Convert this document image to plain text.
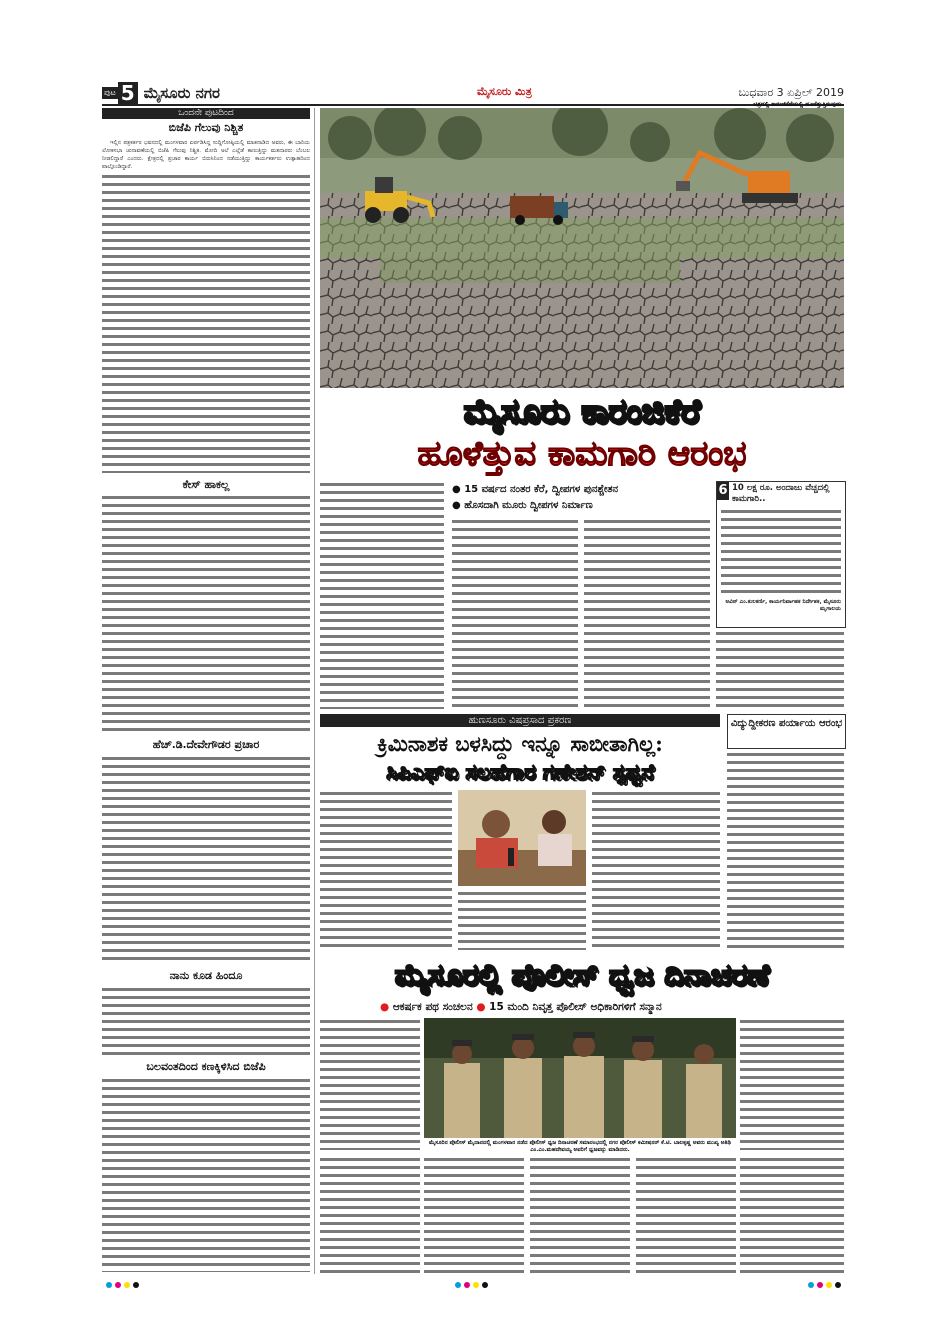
ಪುಟ 5 ಮೈಸೂರು ನಗರ	ಮೈಸೂರು ಮಿತ್ರ	ಬುಧವಾರ 3 ಏಪ್ರಿಲ್ 2019
ಒಂದನೇ ಪುಟದಿಂದ
ಬಿಜೆಪಿ ಗೆಲುವು ನಿಶ್ಚಿತ

ಇಲ್ಲಿನ ಪತ್ರಕರ್ತರ ಭವನದಲ್ಲಿ ಮಂಗಳವಾರ ಏರ್ಪಡಿಸಿದ್ದ ಸುದ್ದಿಗೋಷ್ಠಿಯಲ್ಲಿ ಮಾತನಾಡಿದ ಅವರು, ಈ ಬಾರಿಯ ಲೋಕಸಭಾ ಚುನಾವಣೆಯಲ್ಲಿ ಬಿಜೆಪಿ ಗೆಲುವು ನಿಶ್ಚಿತ. ಮೋದಿ ಅಲೆ ಎಲ್ಲೆಡೆ ಕಾಣುತ್ತಿದ್ದು ಮತದಾರರು ಬೆಂಬಲ ನೀಡಲಿದ್ದಾರೆ ಎಂದರು. ಕ್ಷೇತ್ರದಲ್ಲಿ ಪ್ರಚಾರ ಕಾರ್ಯ ಬಿರುಸಿನಿಂದ ನಡೆಯುತ್ತಿದ್ದು ಕಾರ್ಯಕರ್ತರು ಉತ್ಸಾಹದಿಂದ ಪಾಲ್ಗೊಂಡಿದ್ದಾರೆ.

ಕೇಸ್ ಹಾಕಲ್ಲ
ಹೆಚ್.ಡಿ.ದೇವೇಗೌಡರ ಪ್ರಚಾರ
ನಾನು ಕೂಡ ಹಿಂದೂ
ಬಲವಂತದಿಂದ ಕಣಕ್ಕಿಳಿಸಿದ ಬಿಜೆಪಿ
ಚಿತ್ರದಲ್ಲಿ ಕಾರಂಜಿಕೆರೆಯಲ್ಲಿ ಹೂಳೆತ್ತುತ್ತಿರುವುದು.
ಮೈಸೂರು ಕಾರಂಜಿಕೆರೆ
ಹೂಳೆತ್ತುವ ಕಾಮಗಾರಿ ಆರಂಭ
● 15 ವರ್ಷದ ನಂತರ ಕೆರೆ, ದ್ವೀಪಗಳ ಪುನಶ್ಚೇತನ
● ಹೊಸದಾಗಿ ಮೂರು ದ್ವೀಪಗಳ ನಿರ್ಮಾಣ
6 10 ಲಕ್ಷ ರೂ. ಅಂದಾಜು ವೆಚ್ಚದಲ್ಲಿ ಕಾಮಗಾರಿ..
ಅವಿನ್ ಎಂ.ಕುಲಕರ್ಣಿ, ಕಾರ್ಯನಿರ್ವಾಹಕ ನಿರ್ದೇಶಕ, ಮೈಸೂರು ಮೃಗಾಲಯ
ಹುಣಸೂರು ವಿಷಪ್ರಸಾದ ಪ್ರಕರಣ
ಕ್ರಿಮಿನಾಶಕ ಬಳಸಿದ್ದು ಇನ್ನೂ ಸಾಬೀತಾಗಿಲ್ಲ:
ಸಿಪಿಎಫ್‌ಐ ಸಲಹೆಗಾರ ಗಣೇಶನ್ ಸ್ಪಷ್ಟನೆ
ವಿದ್ಯುದ್ದೀಕರಣ ಪರ್ಯಾಯ ಆರಂಭ
ಮೈಸೂರಲ್ಲಿ ಪೊಲೀಸ್ ಧ್ವಜ ದಿನಾಚರಣೆ
● ಆಕರ್ಷಕ ಪಥ ಸಂಚಲನ ● 15 ಮಂದಿ ನಿವೃತ್ತ ಪೊಲೀಸ್ ಅಧಿಕಾರಿಗಳಿಗೆ ಸನ್ಮಾನ
ಮೈಸೂರಿನ ಪೊಲೀಸ್ ಮೈದಾನದಲ್ಲಿ ಮಂಗಳವಾರ ನಡೆದ ಪೊಲೀಸ್ ಧ್ವಜ ದಿನಾಚರಣೆ ಸಮಾರಂಭದಲ್ಲಿ ನಗರ ಪೊಲೀಸ್ ಕಮೀಷನರ್ ಕೆ.ಟಿ. ಬಾಲಕೃಷ್ಣ ಅವರು ಮುಖ್ಯ ಅತಿಥಿ ಎಂ.ಎಂ.ಮಹದೇವಯ್ಯ ಅವರಿಗೆ ಧ್ವಜವನ್ನು ಮಾಡಿದರು.
